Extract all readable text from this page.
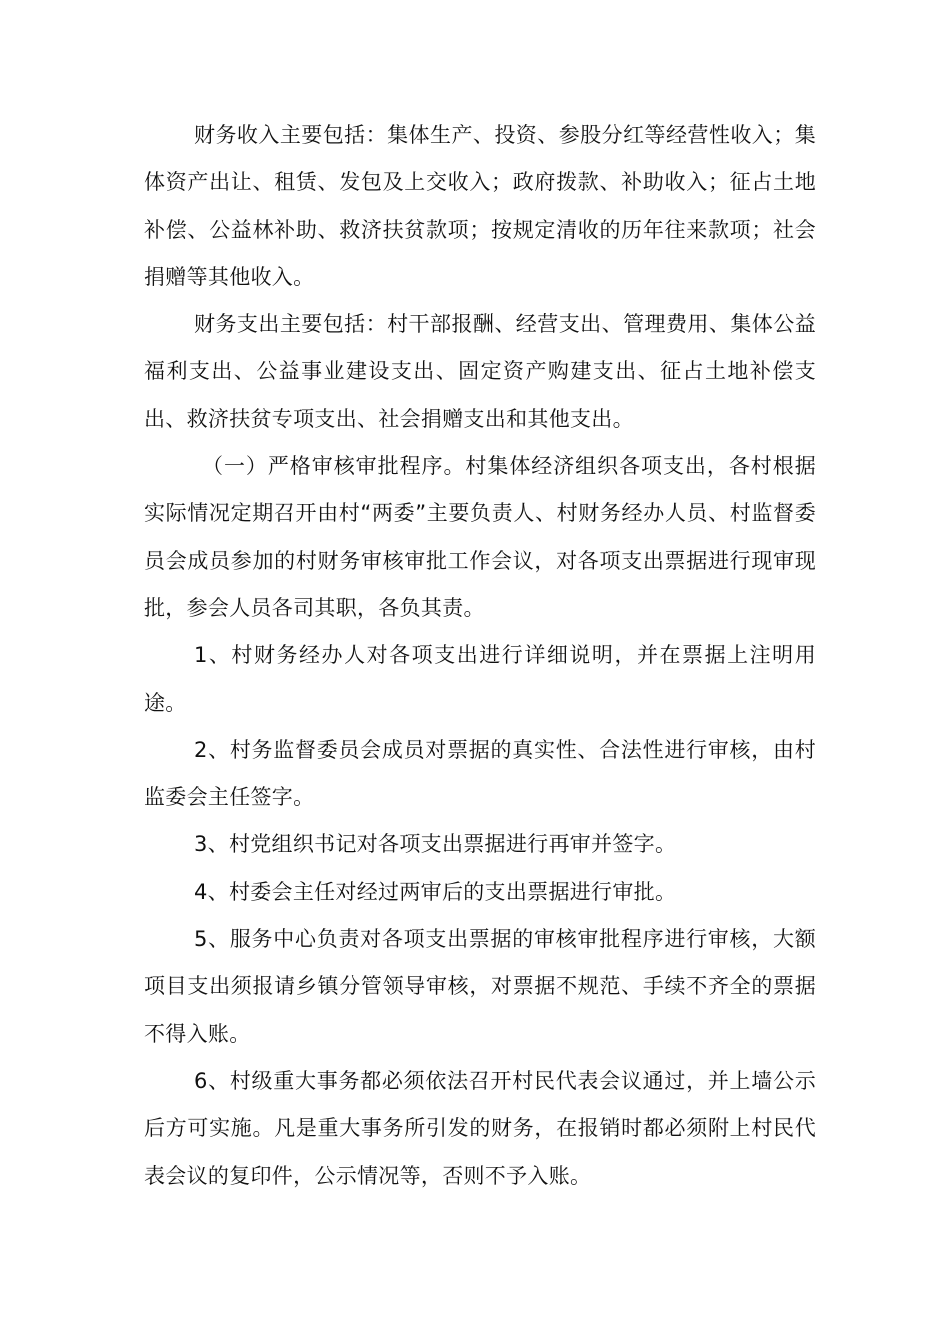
财务收入主要包括：集体生产、投资、参股分红等经营性收入；集体资产出让、租赁、发包及上交收入；政府拨款、补助收入；征占土地补偿、公益林补助、救济扶贫款项；按规定清收的历年往来款项；社会捐赠等其他收入。

财务支出主要包括：村干部报酬、经营支出、管理费用、集体公益福利支出、公益事业建设支出、固定资产购建支出、征占土地补偿支出、救济扶贫专项支出、社会捐赠支出和其他支出。

（一）严格审核审批程序。村集体经济组织各项支出，各村根据实际情况定期召开由村“两委”主要负责人、村财务经办人员、村监督委员会成员参加的村财务审核审批工作会议，对各项支出票据进行现审现批，参会人员各司其职，各负其责。

1、村财务经办人对各项支出进行详细说明，并在票据上注明用途。

2、村务监督委员会成员对票据的真实性、合法性进行审核，由村监委会主任签字。

3、村党组织书记对各项支出票据进行再审并签字。

4、村委会主任对经过两审后的支出票据进行审批。

5、服务中心负责对各项支出票据的审核审批程序进行审核，大额项目支出须报请乡镇分管领导审核，对票据不规范、手续不齐全的票据不得入账。

6、村级重大事务都必须依法召开村民代表会议通过，并上墙公示后方可实施。凡是重大事务所引发的财务，在报销时都必须附上村民代表会议的复印件，公示情况等，否则不予入账。
